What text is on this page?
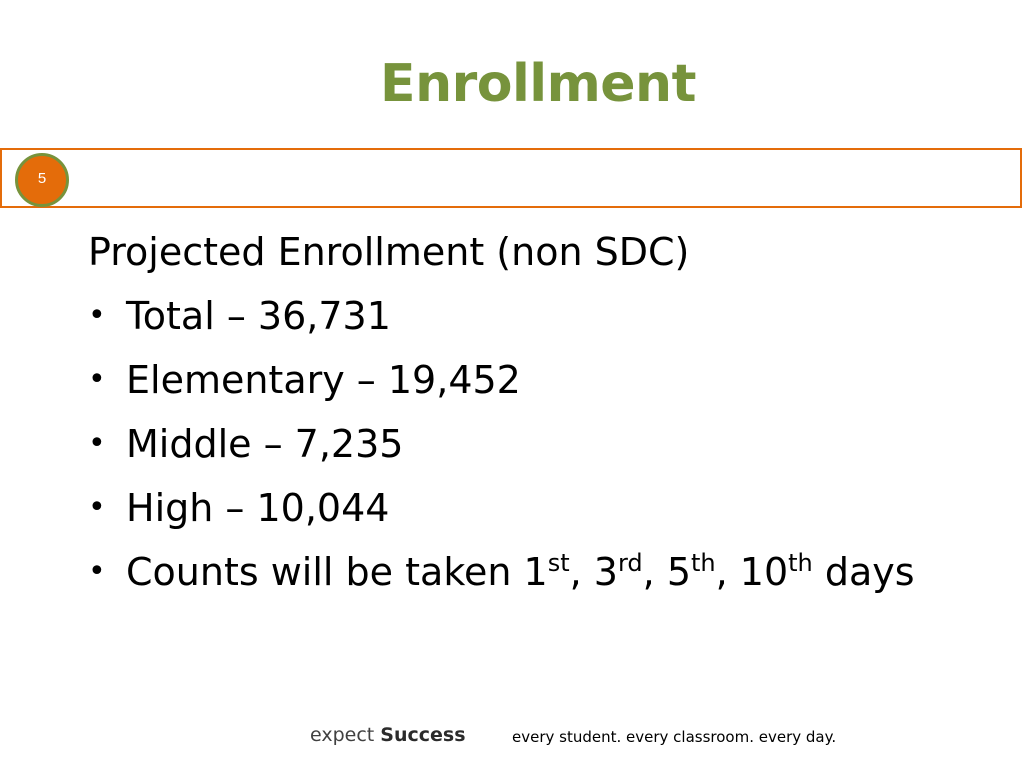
Enrollment
5
Projected Enrollment (non SDC)
• Total – 36,731
• Elementary – 19,452
• Middle – 7,235
• High – 10,044
• Counts will be taken 1st, 3rd, 5th, 10th days
expect Success	every student. every classroom. every day.
